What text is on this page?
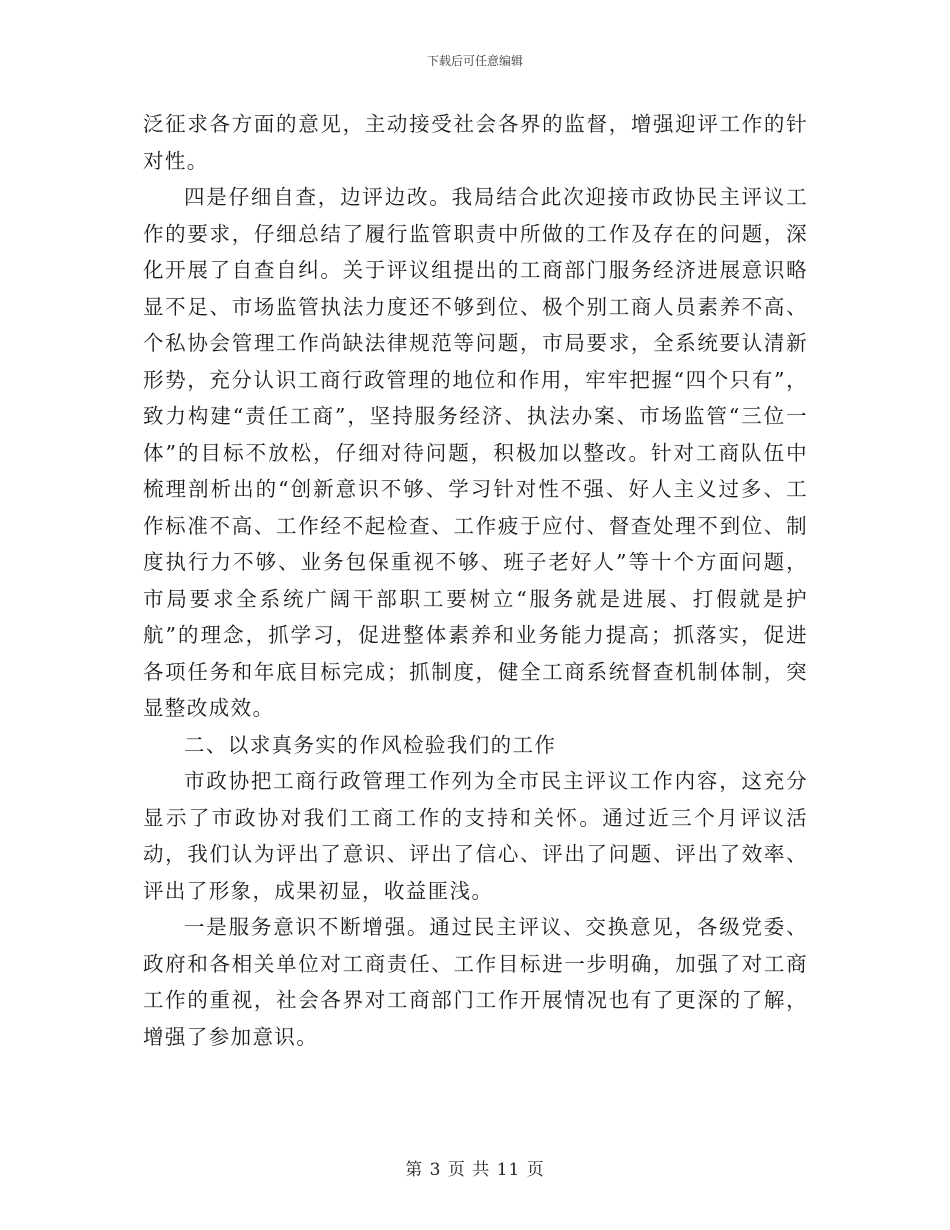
下载后可任意编辑

泛征求各方面的意见，主动接受社会各界的监督，增强迎评工作的针对性。

四是仔细自查，边评边改。我局结合此次迎接市政协民主评议工作的要求，仔细总结了履行监管职责中所做的工作及存在的问题，深化开展了自查自纠。关于评议组提出的工商部门服务经济进展意识略显不足、市场监管执法力度还不够到位、极个别工商人员素养不高、个私协会管理工作尚缺法律规范等问题，市局要求，全系统要认清新形势，充分认识工商行政管理的地位和作用，牢牢把握“四个只有”，致力构建“责任工商”，坚持服务经济、执法办案、市场监管“三位一体”的目标不放松，仔细对待问题，积极加以整改。针对工商队伍中梳理剖析出的“创新意识不够、学习针对性不强、好人主义过多、工作标准不高、工作经不起检查、工作疲于应付、督查处理不到位、制度执行力不够、业务包保重视不够、班子老好人”等十个方面问题，市局要求全系统广阔干部职工要树立“服务就是进展、打假就是护航”的理念，抓学习，促进整体素养和业务能力提高；抓落实，促进各项任务和年底目标完成；抓制度，健全工商系统督查机制体制，突显整改成效。

二、以求真务实的作风检验我们的工作

市政协把工商行政管理工作列为全市民主评议工作内容，这充分显示了市政协对我们工商工作的支持和关怀。通过近三个月评议活动，我们认为评出了意识、评出了信心、评出了问题、评出了效率、评出了形象，成果初显，收益匪浅。

一是服务意识不断增强。通过民主评议、交换意见，各级党委、政府和各相关单位对工商责任、工作目标进一步明确，加强了对工商工作的重视，社会各界对工商部门工作开展情况也有了更深的了解，增强了参加意识。

第 3 页 共 11 页
